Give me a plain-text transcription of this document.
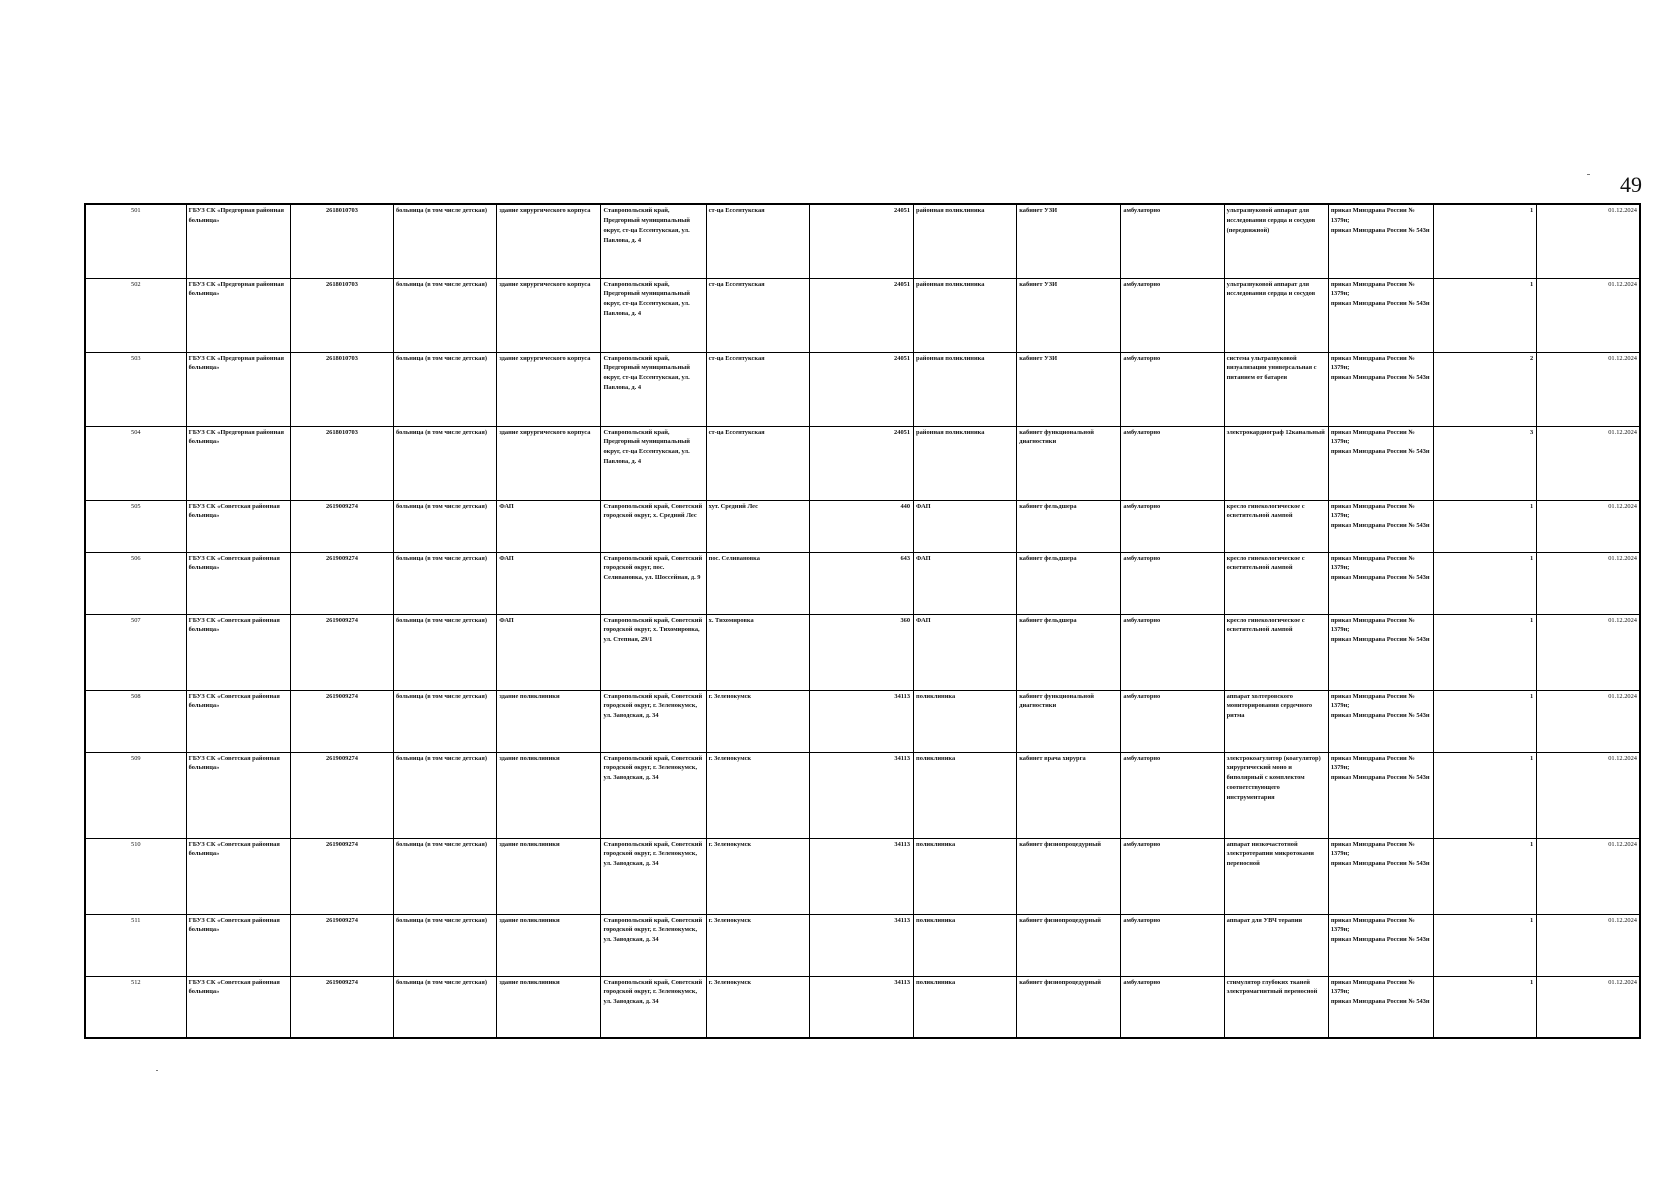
49
501	ГБУЗ СК «Предгорная районная больница»	2618010703	больница (в том числе детская)	здание хирургического корпуса	Ставропольский край, Предгорный муниципальный округ, ст-ца Ессентукская, ул. Павлова, д. 4	ст-ца Ессентукская	24051	районная поликлиника	кабинет УЗИ	амбулаторно	ультразвуковой аппарат для исследования сердца и сосудов (передвижной)	приказ Минздрава России № 1379н;
приказ Минздрава России № 543н	1	01.12.2024
502	ГБУЗ СК «Предгорная районная больница»	2618010703	больница (в том числе детская)	здание хирургического корпуса	Ставропольский край, Предгорный муниципальный округ, ст-ца Ессентукская, ул. Павлова, д. 4	ст-ца Ессентукская	24051	районная поликлиника	кабинет УЗИ	амбулаторно	ультразвуковой аппарат для исследования сердца и сосудов	приказ Минздрава России № 1379н;
приказ Минздрава России № 543н	1	01.12.2024
503	ГБУЗ СК «Предгорная районная больница»	2618010703	больница (в том числе детская)	здание хирургического корпуса	Ставропольский край, Предгорный муниципальный округ, ст-ца Ессентукская, ул. Павлова, д. 4	ст-ца Ессентукская	24051	районная поликлиника	кабинет УЗИ	амбулаторно	система ультразвуковой визуализации универсальная с питанием от батареи	приказ Минздрава России № 1379н;
приказ Минздрава России № 543н	2	01.12.2024
504	ГБУЗ СК «Предгорная районная больница»	2618010703	больница (в том числе детская)	здание хирургического корпуса	Ставропольский край, Предгорный муниципальный округ, ст-ца Ессентукская, ул. Павлова, д. 4	ст-ца Ессентукская	24051	районная поликлиника	кабинет функциональной диагностики	амбулаторно	электрокардиограф 12канальный	приказ Минздрава России № 1379н;
приказ Минздрава России № 543н	3	01.12.2024
505	ГБУЗ СК «Советская районная больница»	2619009274	больница (в том числе детская)	ФАП	Ставропольский край, Советский городской округ, х. Средний Лес	хут. Средний Лес	440	ФАП	кабинет фельдшера	амбулаторно	кресло гинекологическое с осветительной лампой	приказ Минздрава России № 1379н;
приказ Минздрава России № 543н	1	01.12.2024
506	ГБУЗ СК «Советская районная больница»	2619009274	больница (в том числе детская)	ФАП	Ставропольский край, Советский городской округ, пос. Селивановка, ул. Шоссейная, д. 9	пос. Селивановка	643	ФАП	кабинет фельдшера	амбулаторно	кресло гинекологическое с осветительной лампой	приказ Минздрава России № 1379н;
приказ Минздрава России № 543н	1	01.12.2024
507	ГБУЗ СК «Советская районная больница»	2619009274	больница (в том числе детская)	ФАП	Ставропольский край, Советский городской округ, х. Тихомировка, ул. Степная, 29/1	х. Тихомировка	360	ФАП	кабинет фельдшера	амбулаторно	кресло гинекологическое с осветительной лампой	приказ Минздрава России № 1379н;
приказ Минздрава России № 543н	1	01.12.2024
508	ГБУЗ СК «Советская районная больница»	2619009274	больница (в том числе детская)	здание поликлиники	Ставропольский край, Советский городской округ, г. Зеленокумск, ул. Заводская, д. 34	г. Зеленокумск	34113	поликлиника	кабинет функциональной диагностики	амбулаторно	аппарат холтеровского мониторирования сердечного ритма	приказ Минздрава России № 1379н;
приказ Минздрава России № 543н	1	01.12.2024
509	ГБУЗ СК «Советская районная больница»	2619009274	больница (в том числе детская)	здание поликлиники	Ставропольский край, Советский городской округ, г. Зеленокумск, ул. Заводская, д. 34	г. Зеленокумск	34113	поликлиника	кабинет врача хирурга	амбулаторно	электрокоагулятор (коагулятор) хирургический моно и биполярный с комплектом соответствующего инструментария	приказ Минздрава России № 1379н;
приказ Минздрава России № 543н	1	01.12.2024
510	ГБУЗ СК «Советская районная больница»	2619009274	больница (в том числе детская)	здание поликлиники	Ставропольский край, Советский городской округ, г. Зеленокумск, ул. Заводская, д. 34	г. Зеленокумск	34113	поликлиника	кабинет физиопроцедурный	амбулаторно	аппарат низкочастотной электротерапии микротоками переносной	приказ Минздрава России № 1379н;
приказ Минздрава России № 543н	1	01.12.2024
511	ГБУЗ СК «Советская районная больница»	2619009274	больница (в том числе детская)	здание поликлиники	Ставропольский край, Советский городской округ, г. Зеленокумск, ул. Заводская, д. 34	г. Зеленокумск	34113	поликлиника	кабинет физиопроцедурный	амбулаторно	аппарат для УВЧ терапии	приказ Минздрава России № 1379н;
приказ Минздрава России № 543н	1	01.12.2024
512	ГБУЗ СК «Советская районная больница»	2619009274	больница (в том числе детская)	здание поликлиники	Ставропольский край, Советский городской округ, г. Зеленокумск, ул. Заводская, д. 34	г. Зеленокумск	34113	поликлиника	кабинет физиопроцедурный	амбулаторно	стимулятор глубоких тканей электромагнитный переносной	приказ Минздрава России № 1379н;
приказ Минздрава России № 543н	1	01.12.2024
